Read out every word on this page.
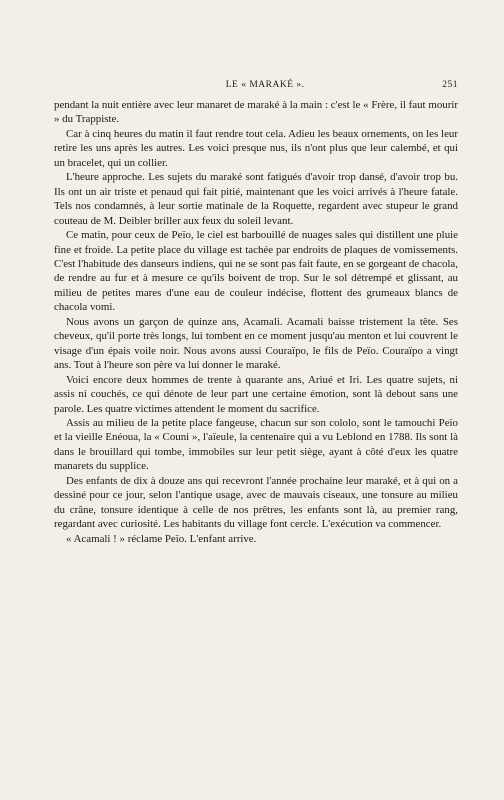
LE « MARAKÉ ».	251

pendant la nuit entière avec leur manaret de maraké à la main : c'est le « Frère, il faut mourir » du Trappiste.

Car à cinq heures du matin il faut rendre tout cela. Adieu les beaux ornements, on les leur retire les uns après les autres. Les voici presque nus, ils n'ont plus que leur calembé, et qui un bracelet, qui un collier.

L'heure approche. Les sujets du maraké sont fatigués d'avoir trop dansé, d'avoir trop bu. Ils ont un air triste et penaud qui fait pitié, maintenant que les voici arrivés à l'heure fatale. Tels nos condamnés, à leur sortie matinale de la Roquette, regardent avec stupeur le grand couteau de M. Deibler briller aux feux du soleil levant.

Ce matin, pour ceux de Peïo, le ciel est barbouillé de nuages sales qui distillent une pluie fine et froide. La petite place du village est tachée par endroits de plaques de vomissements. C'est l'habitude des danseurs indiens, qui ne se sont pas fait faute, en se gorgeant de chacola, de rendre au fur et à mesure ce qu'ils boivent de trop. Sur le sol détrempé et glissant, au milieu de petites mares d'une eau de couleur indécise, flottent des grumeaux blancs de chacola vomi.

Nous avons un garçon de quinze ans, Acamali. Acamali baisse tristement la tête. Ses cheveux, qu'il porte très longs, lui tombent en ce moment jusqu'au menton et lui couvrent le visage d'un épais voile noir. Nous avons aussi Couraïpo, le fils de Peïo. Couraïpo a vingt ans. Tout à l'heure son père va lui donner le maraké.

Voici encore deux hommes de trente à quarante ans, Ariué et Iri. Les quatre sujets, ni assis ni couchés, ce qui dénote de leur part une certaine émotion, sont là debout sans une parole. Les quatre victimes attendent le moment du sacrifice.

Assis au milieu de la petite place fangeuse, chacun sur son cololo, sont le tamouchi Peïo et la vieille Enéoua, la « Couni », l'aïeule, la centenaire qui a vu Leblond en 1788. Ils sont là dans le brouillard qui tombe, immobiles sur leur petit siège, ayant à côté d'eux les quatre manarets du supplice.

Des enfants de dix à douze ans qui recevront l'année prochaine leur maraké, et à qui on a dessiné pour ce jour, selon l'antique usage, avec de mauvais ciseaux, une tonsure au milieu du crâne, tonsure identique à celle de nos prêtres, les enfants sont là, au premier rang, regardant avec curiosité. Les habitants du village font cercle. L'exécution va commencer.

« Acamali ! » réclame Peïo. L'enfant arrive.
